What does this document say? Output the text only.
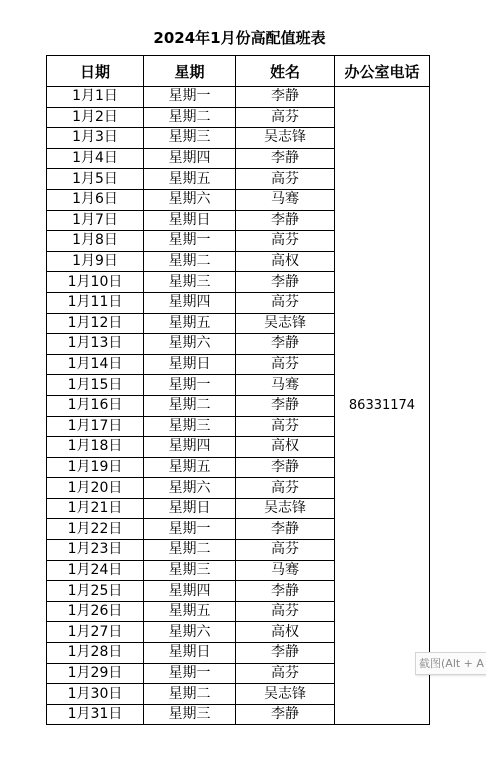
2024年1月份高配值班表
日期	星期	姓名	办公室电话
1月1日	星期一	李静	86331174
1月2日	星期二	高芬	
1月3日	星期三	吴志锋	
1月4日	星期四	李静	
1月5日	星期五	高芬	
1月6日	星期六	马骞	
1月7日	星期日	李静	
1月8日	星期一	高芬	
1月9日	星期二	高权	
1月10日	星期三	李静	
1月11日	星期四	高芬	
1月12日	星期五	吴志锋	
1月13日	星期六	李静	
1月14日	星期日	高芬	
1月15日	星期一	马骞	
1月16日	星期二	李静	
1月17日	星期三	高芬	
1月18日	星期四	高权	
1月19日	星期五	李静	
1月20日	星期六	高芬	
1月21日	星期日	吴志锋	
1月22日	星期一	李静	
1月23日	星期二	高芬	
1月24日	星期三	马骞	
1月25日	星期四	李静	
1月26日	星期五	高芬	
1月27日	星期六	高权	
1月28日	星期日	李静	
1月29日	星期一	高芬	
1月30日	星期二	吴志锋	
1月31日	星期三	李静	
截图(Alt + A
